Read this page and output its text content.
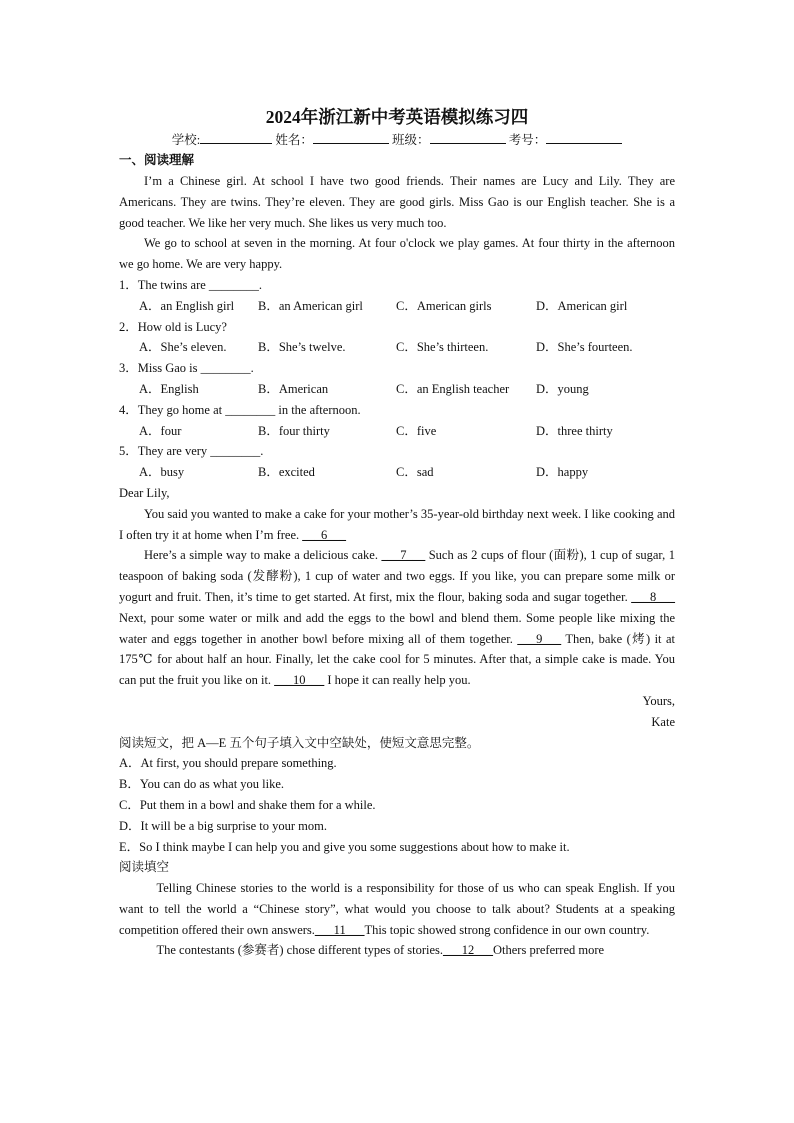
2024年浙江新中考英语模拟练习四
学校:	姓名：	班级：	考号：
一、阅读理解

I’m a Chinese girl. At school I have two good friends. Their names are Lucy and Lily. They are Americans. They are twins. They’re eleven. They are good girls. Miss Gao is our English teacher. She is a good teacher. We like her very much. She likes us very much too.

We go to school at seven in the morning. At four o'clock we play games. At four thirty in the afternoon we go home. We are very happy.

1．The twins are ________.
A．an English girl	B．an American girl	C．American girls	D．American girl
2．How old is Lucy?
A．She’s eleven.	B．She’s twelve.	C．She’s thirteen.	D．She’s fourteen.
3．Miss Gao is ________.
A．English	B．American	C．an English teacher	D．young
4．They go home at ________ in the afternoon.
A．four	B．four thirty	C．five	D．three thirty
5．They are very ________.
A．busy	B．excited	C．sad	D．happy

Dear Lily,

You said you wanted to make a cake for your mother’s 35-year-old birthday next week. I like cooking and I often try it at home when I’m free. ___6___

Here’s a simple way to make a delicious cake. ___7___ Such as 2 cups of flour (面粉), 1 cup of sugar, 1 teaspoon of baking soda (发酵粉), 1 cup of water and two eggs. If you like, you can prepare some milk or yogurt and fruit. Then, it’s time to get started. At first, mix the flour, baking soda and sugar together. ___8___ Next, pour some water or milk and add the eggs to the bowl and blend them. Some people like mixing the water and eggs together in another bowl before mixing all of them together. ___9___ Then, bake (烤) it at 175℃ for about half an hour. Finally, let the cake cool for 5 minutes. After that, a simple cake is made. You can put the fruit you like on it. ___10___ I hope it can really help you.

Yours,

Kate

阅读短文，把 A—E 五个句子填入文中空缺处，使短文意思完整。
A．At first, you should prepare something.
B．You can do as what you like.
C．Put them in a bowl and shake them for a while.
D．It will be a big surprise to your mom.
E．So I think maybe I can help you and give you some suggestions about how to make it.
阅读填空

Telling Chinese stories to the world is a responsibility for those of us who can speak English. If you want to tell the world a “Chinese story”, what would you choose to talk about? Students at a speaking competition offered their own answers.___11___This topic showed strong confidence in our own country.

The contestants (参赛者) chose different types of stories.___12___Others preferred more
